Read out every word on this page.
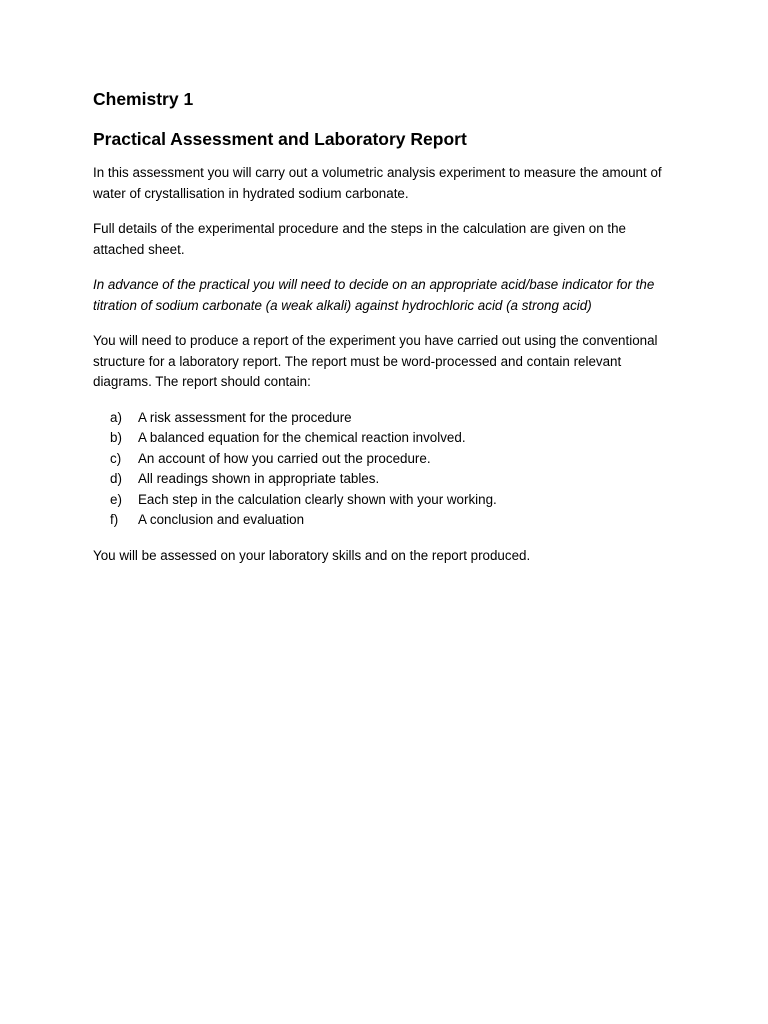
Chemistry 1
Practical Assessment and Laboratory Report

In this assessment you will carry out a volumetric analysis experiment to measure the amount of water of crystallisation in hydrated sodium carbonate.

Full details of the experimental procedure and the steps in the calculation are given on the attached sheet.

In advance of the practical you will need to decide on an appropriate acid/base indicator for the titration of sodium carbonate (a weak alkali) against hydrochloric acid (a strong acid)

You will need to produce a report of the experiment you have carried out using the conventional structure for a laboratory report. The report must be word-processed and contain relevant diagrams. The report should contain:

a)	A risk assessment for the procedure
b)	A balanced equation for the chemical reaction involved.
c)	An account of how you carried out the procedure.
d)	All readings shown in appropriate tables.
e)	Each step in the calculation clearly shown with your working.
f)	A conclusion and evaluation

You will be assessed on your laboratory skills and on the report produced.
